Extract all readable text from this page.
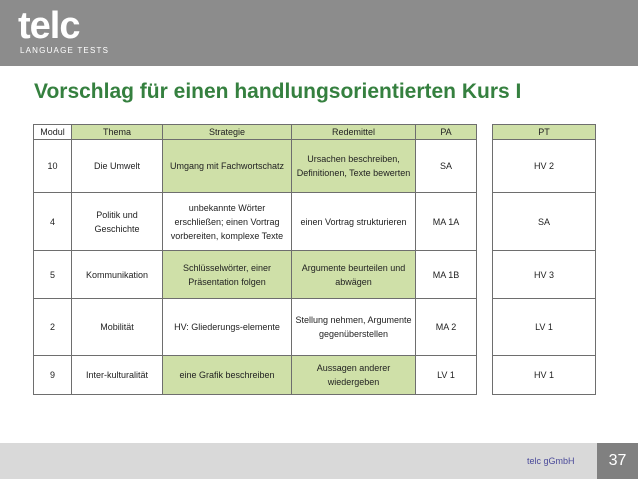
telc
LANGUAGE TESTS
Vorschlag für einen handlungsorientierten Kurs I
Modul	Thema	Strategie	Redemittel	PA		PT
10	Die Umwelt	Umgang mit Fachwortschatz	Ursachen beschreiben, Definitionen, Texte bewerten	SA		HV 2
4	Politik und Geschichte	unbekannte Wörter erschließen; einen Vortrag vorbereiten, komplexe Texte	einen Vortrag strukturieren	MA 1A		SA
5	Kommunikation	Schlüsselwörter, einer Präsentation folgen	Argumente beurteilen und abwägen	MA 1B		HV 3
2	Mobilität	HV: Gliederungs-elemente	Stellung nehmen, Argumente gegenüberstellen	MA 2		LV 1
9	Inter-kulturalität	eine Grafik beschreiben	Aussagen anderer wiedergeben	LV 1		HV 1
telc gGmbH	37
